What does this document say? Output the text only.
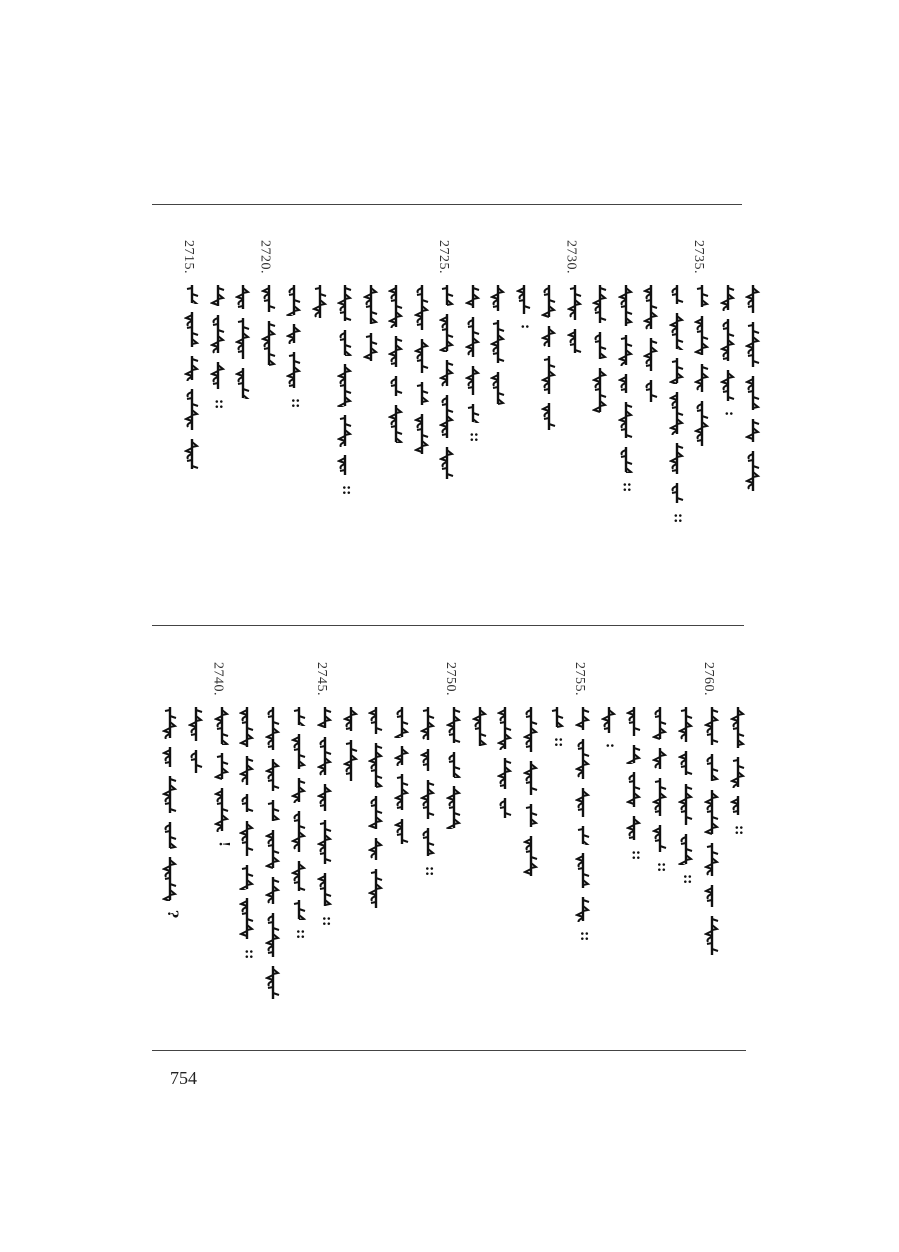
2715.
::
2720.
::
::
2725.
::
:
2730.
::
::
2735.
:
?
2740.
!
::
::
2745.
::
::
2750.
::
2755.
::
:
::
::
::
2760.
::
754
